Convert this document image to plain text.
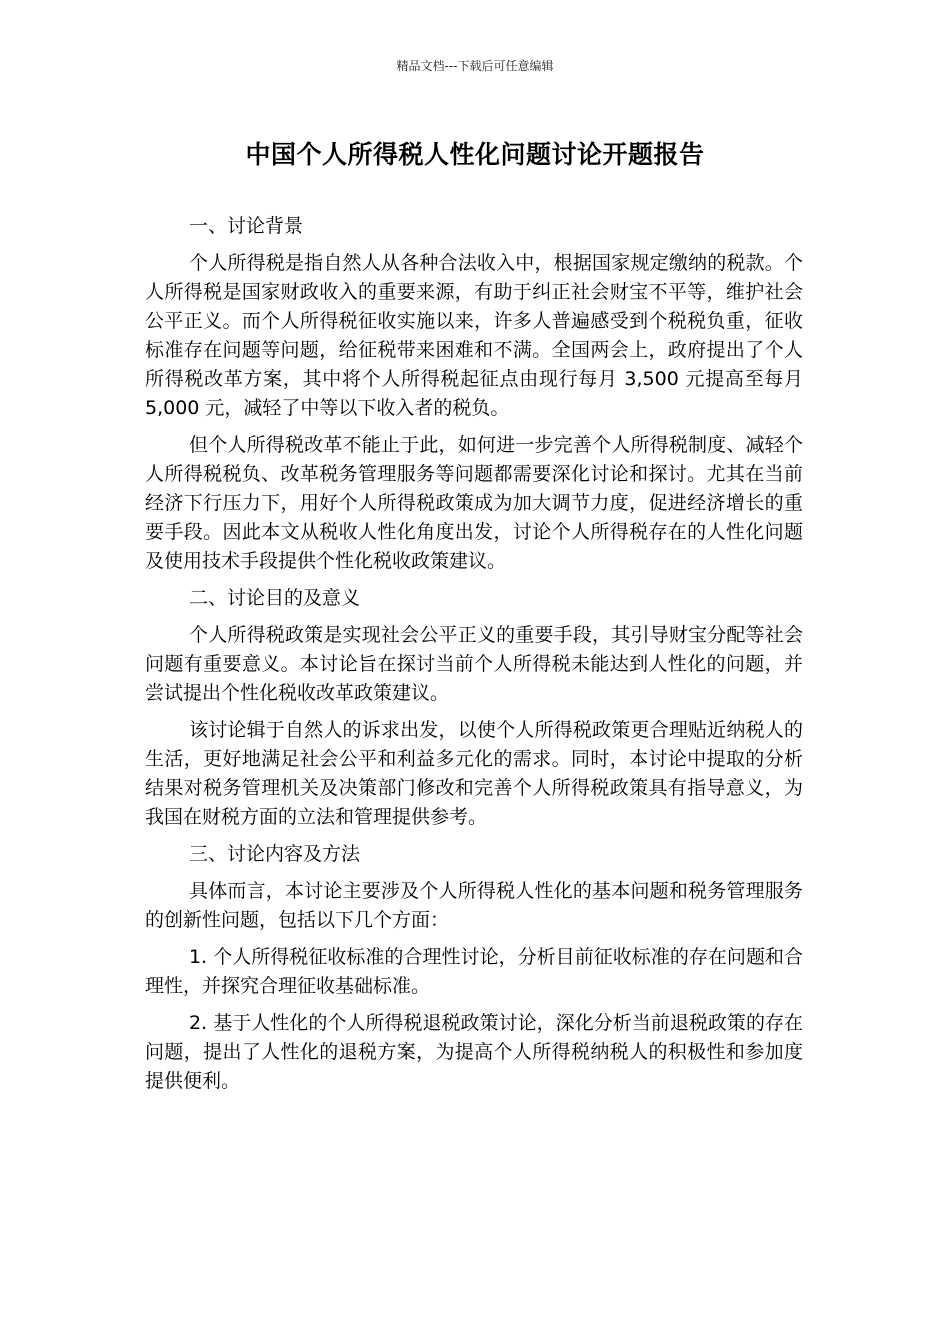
精品文档---下载后可任意编辑
中国个人所得税人性化问题讨论开题报告

一、讨论背景

个人所得税是指自然人从各种合法收入中，根据国家规定缴纳的税款。个人所得税是国家财政收入的重要来源，有助于纠正社会财宝不平等，维护社会公平正义。而个人所得税征收实施以来，许多人普遍感受到个税税负重，征收标准存在问题等问题，给征税带来困难和不满。全国两会上，政府提出了个人所得税改革方案，其中将个人所得税起征点由现行每月 3,500 元提高至每月 5,000 元，减轻了中等以下收入者的税负。

但个人所得税改革不能止于此，如何进一步完善个人所得税制度、减轻个人所得税税负、改革税务管理服务等问题都需要深化讨论和探讨。尤其在当前经济下行压力下，用好个人所得税政策成为加大调节力度，促进经济增长的重要手段。因此本文从税收人性化角度出发，讨论个人所得税存在的人性化问题及使用技术手段提供个性化税收政策建议。

二、讨论目的及意义

个人所得税政策是实现社会公平正义的重要手段，其引导财宝分配等社会问题有重要意义。本讨论旨在探讨当前个人所得税未能达到人性化的问题，并尝试提出个性化税收改革政策建议。

该讨论辑于自然人的诉求出发，以使个人所得税政策更合理贴近纳税人的生活，更好地满足社会公平和利益多元化的需求。同时，本讨论中提取的分析结果对税务管理机关及决策部门修改和完善个人所得税政策具有指导意义，为我国在财税方面的立法和管理提供参考。

三、讨论内容及方法

具体而言，本讨论主要涉及个人所得税人性化的基本问题和税务管理服务的创新性问题，包括以下几个方面：

1. 个人所得税征收标准的合理性讨论，分析目前征收标准的存在问题和合理性，并探究合理征收基础标准。

2. 基于人性化的个人所得税退税政策讨论，深化分析当前退税政策的存在问题，提出了人性化的退税方案，为提高个人所得税纳税人的积极性和参加度提供便利。
